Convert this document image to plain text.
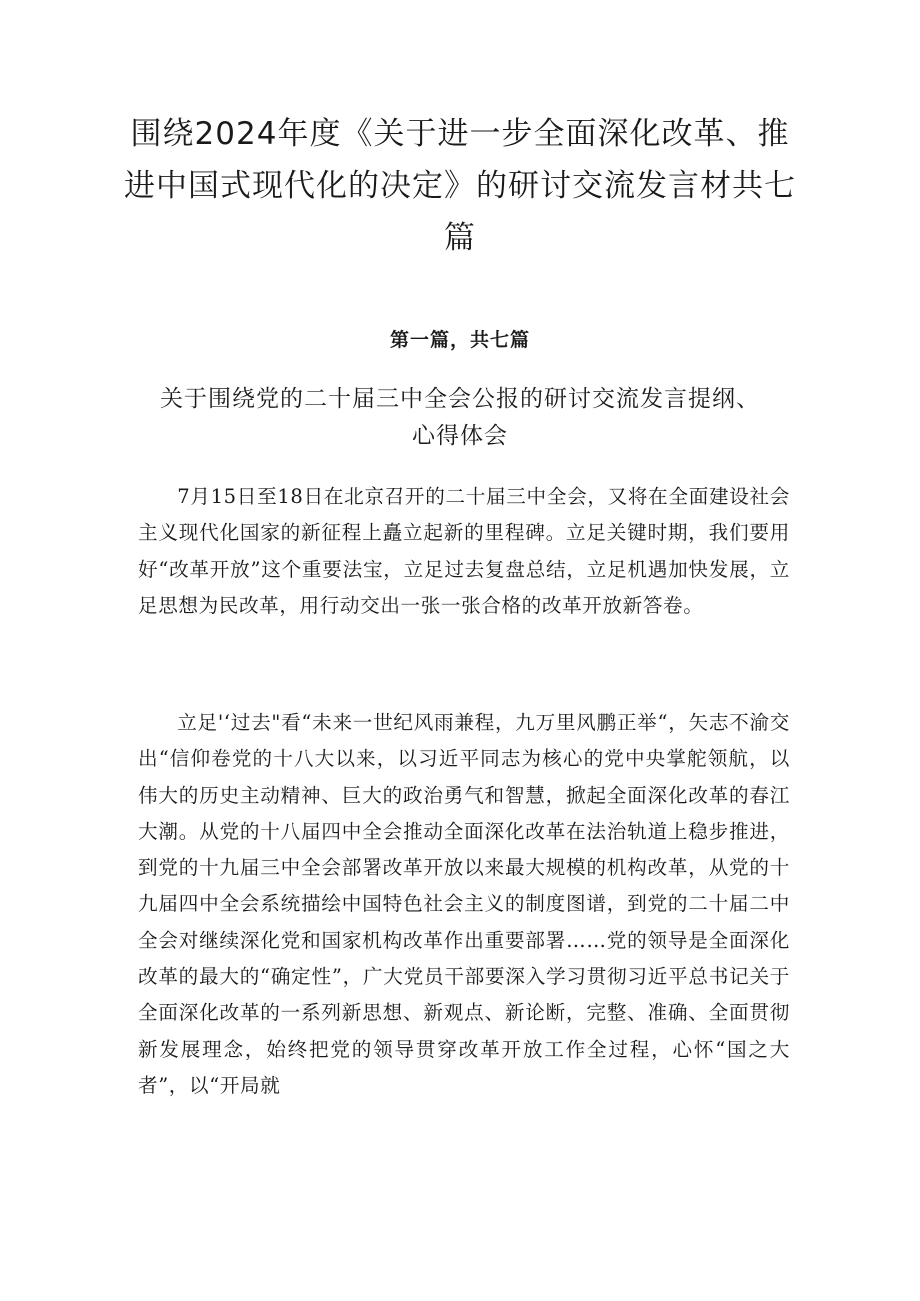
围绕2024年度《关于进一步全面深化改革、推进中国式现代化的决定》的研讨交流发言材共七篇
第一篇，共七篇
关于围绕党的二十届三中全会公报的研讨交流发言提纲、心得体会

7月15日至18日在北京召开的二十届三中全会，又将在全面建设社会主义现代化国家的新征程上矗立起新的里程碑。立足关键时期，我们要用好“改革开放”这个重要法宝，立足过去复盘总结，立足机遇加快发展，立足思想为民改革，用行动交出一张一张合格的改革开放新答卷。

立足'‘过去"看“未来一世纪风雨兼程，九万里风鹏正举“，矢志不渝交出“信仰卷党的十八大以来，以习近平同志为核心的党中央掌舵领航，以伟大的历史主动精神、巨大的政治勇气和智慧，掀起全面深化改革的春江大潮。从党的十八届四中全会推动全面深化改革在法治轨道上稳步推进，到党的十九届三中全会部署改革开放以来最大规模的机构改革，从党的十九届四中全会系统描绘中国特色社会主义的制度图谱，到党的二十届二中全会对继续深化党和国家机构改革作出重要部署……党的领导是全面深化改革的最大的“确定性”，广大党员干部要深入学习贯彻习近平总书记关于全面深化改革的一系列新思想、新观点、新论断，完整、准确、全面贯彻新发展理念，始终把党的领导贯穿改革开放工作全过程，心怀“国之大者”，以“开局就
